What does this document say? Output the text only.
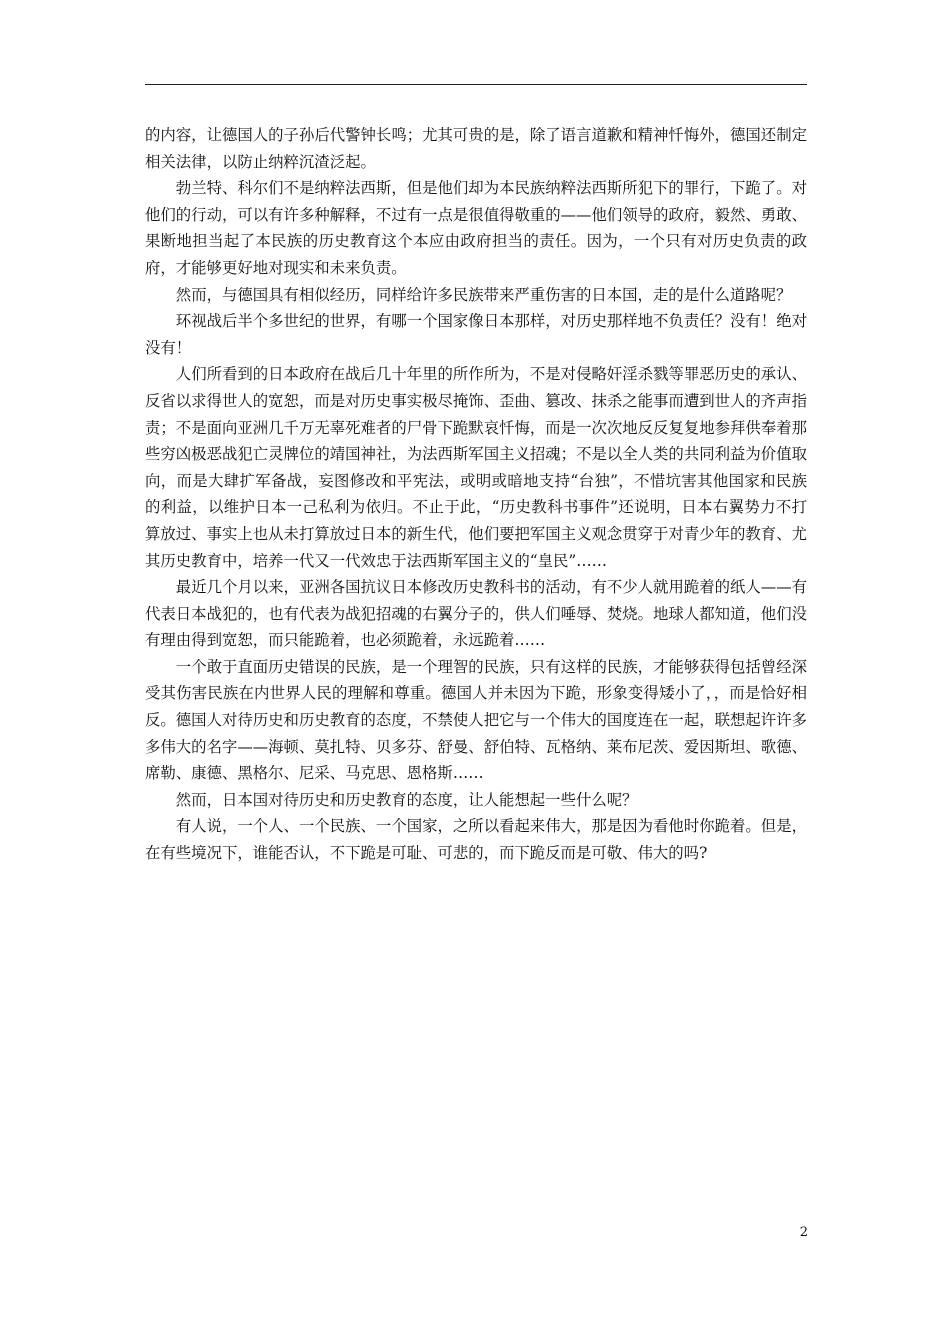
的内容，让德国人的子孙后代警钟长鸣；尤其可贵的是，除了语言道歉和精神忏悔外，德国还制定相关法律，以防止纳粹沉渣泛起。

勃兰特、科尔们不是纳粹法西斯，但是他们却为本民族纳粹法西斯所犯下的罪行，下跪了。对他们的行动，可以有许多种解释，不过有一点是很值得敬重的——他们领导的政府，毅然、勇敢、果断地担当起了本民族的历史教育这个本应由政府担当的责任。因为，一个只有对历史负责的政府，才能够更好地对现实和未来负责。

然而，与德国具有相似经历，同样给许多民族带来严重伤害的日本国，走的是什么道路呢？

环视战后半个多世纪的世界，有哪一个国家像日本那样，对历史那样地不负责任？没有！绝对没有！

人们所看到的日本政府在战后几十年里的所作所为，不是对侵略奸淫杀戮等罪恶历史的承认、反省以求得世人的宽恕，而是对历史事实极尽掩饰、歪曲、篡改、抹杀之能事而遭到世人的齐声指责；不是面向亚洲几千万无辜死难者的尸骨下跪默哀忏悔，而是一次次地反反复复地参拜供奉着那些穷凶极恶战犯亡灵牌位的靖国神社，为法西斯军国主义招魂；不是以全人类的共同利益为价值取向，而是大肆扩军备战，妄图修改和平宪法，或明或暗地支持“台独”，不惜坑害其他国家和民族的利益，以维护日本一己私利为依归。不止于此，“历史教科书事件”还说明，日本右翼势力不打算放过、事实上也从未打算放过日本的新生代，他们要把军国主义观念贯穿于对青少年的教育、尤其历史教育中，培养一代又一代效忠于法西斯军国主义的“皇民”……

最近几个月以来，亚洲各国抗议日本修改历史教科书的活动，有不少人就用跪着的纸人——有代表日本战犯的，也有代表为战犯招魂的右翼分子的，供人们唾辱、焚烧。地球人都知道，他们没有理由得到宽恕，而只能跪着，也必须跪着，永远跪着……

一个敢于直面历史错误的民族，是一个理智的民族，只有这样的民族，才能够获得包括曾经深受其伤害民族在内世界人民的理解和尊重。德国人并未因为下跪，形象变得矮小了，，而是恰好相反。德国人对待历史和历史教育的态度，不禁使人把它与一个伟大的国度连在一起，联想起许许多多伟大的名字——海顿、莫扎特、贝多芬、舒曼、舒伯特、瓦格纳、莱布尼茨、爱因斯坦、歌德、席勒、康德、黑格尔、尼采、马克思、恩格斯……

然而，日本国对待历史和历史教育的态度，让人能想起一些什么呢？

有人说，一个人、一个民族、一个国家，之所以看起来伟大，那是因为看他时你跪着。但是，在有些境况下，谁能否认，不下跪是可耻、可悲的，而下跪反而是可敬、伟大的吗?

2
